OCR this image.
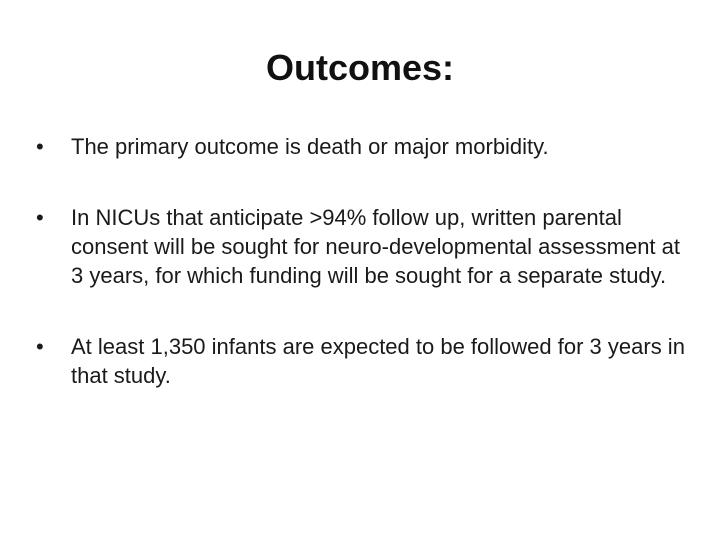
Outcomes:
•	The primary outcome is death or major morbidity.
•	In NICUs that anticipate >94% follow up, written parental consent will be sought for neuro-developmental assessment at 3 years, for which funding will be sought for a separate study.
•	At least 1,350 infants are expected to be followed for 3 years in that study.
